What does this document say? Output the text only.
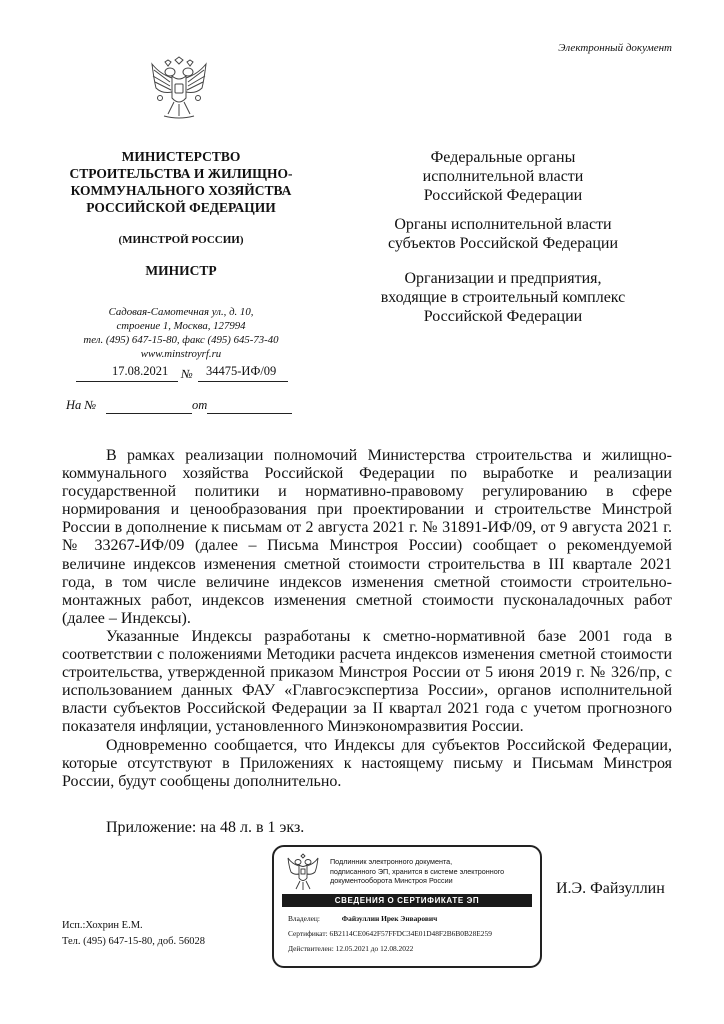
Электронный документ
МИНИСТЕРСТВО
СТРОИТЕЛЬСТВА И ЖИЛИЩНО-
КОММУНАЛЬНОГО ХОЗЯЙСТВА
РОССИЙСКОЙ ФЕДЕРАЦИИ
(МИНСТРОЙ РОССИИ)
МИНИСТР
Садовая-Самотечная ул., д. 10,
строение 1, Москва, 127994
тел. (495) 647-15-80, факс (495) 645-73-40
www.minstroyrf.ru
17.08.2021 № 34475-ИФ/09
На №	от
Федеральные органы
исполнительной власти
Российской Федерации
Органы исполнительной власти
субъектов Российской Федерации
Организации и предприятия,
входящие в строительный комплекс
Российской Федерации

В рамках реализации полномочий Министерства строительства и жилищно-коммунального хозяйства Российской Федерации по выработке и реализации государственной политики и нормативно-правовому регулированию в сфере нормирования и ценообразования при проектировании и строительстве Минстрой России в дополнение к письмам от 2 августа 2021 г. № 31891-ИФ/09, от 9 августа 2021 г. № 33267-ИФ/09 (далее – Письма Минстроя России) сообщает о рекомендуемой величине индексов изменения сметной стоимости строительства в III квартале 2021 года, в том числе величине индексов изменения сметной стоимости строительно-монтажных работ, индексов изменения сметной стоимости пусконаладочных работ (далее – Индексы).

Указанные Индексы разработаны к сметно-нормативной базе 2001 года в соответствии с положениями Методики расчета индексов изменения сметной стоимости строительства, утвержденной приказом Минстроя России от 5 июня 2019 г. № 326/пр, с использованием данных ФАУ «Главгосэкспертиза России», органов исполнительной власти субъектов Российской Федерации за II квартал 2021 года с учетом прогнозного показателя инфляции, установленного Минэкономразвития России.

Одновременно сообщается, что Индексы для субъектов Российской Федерации, которые отсутствуют в Приложениях к настоящему письму и Письмам Минстроя России, будут сообщены дополнительно.

Приложение: на 48 л. в 1 экз.
Подлинник электронного документа,
подписанного ЭП, хранится в системе электронного
документооборота Минстроя России
СВЕДЕНИЯ О СЕРТИФИКАТЕ ЭП
Владелец:	Файзуллин Ирек Энварович
Сертификат: 6B2114CE0642F57FFDC34E01D48F2B6B0B28E259
Действителен: 12.05.2021 до 12.08.2022
И.Э. Файзуллин
Исп.:Хохрин Е.М.
Тел. (495) 647-15-80, доб. 56028
